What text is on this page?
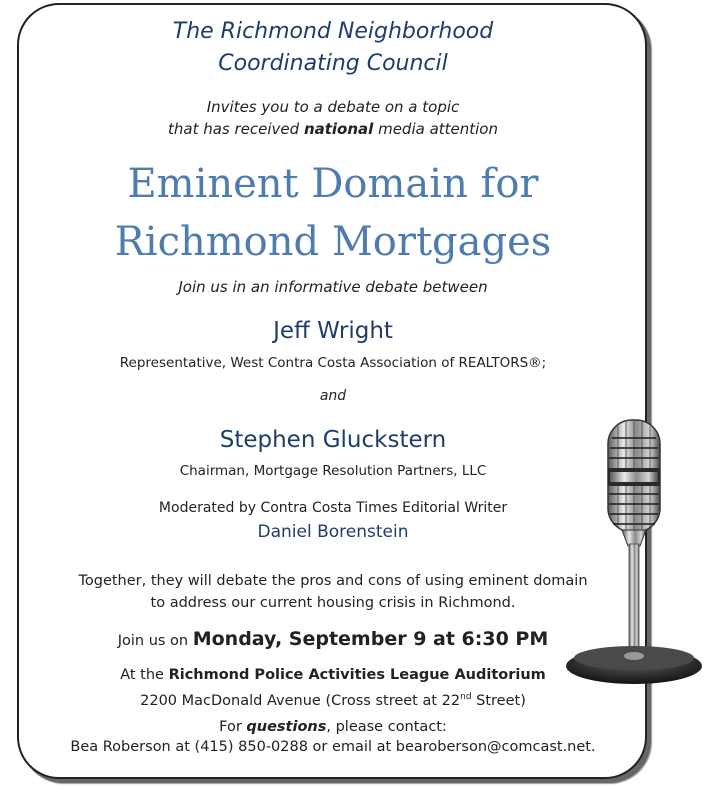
The Richmond Neighborhood
Coordinating Council
Invites you to a debate on a topic
that has received national media attention
Eminent Domain for
Richmond Mortgages
Join us in an informative debate between
Jeff Wright
Representative, West Contra Costa Association of REALTORS®;
and
Stephen Gluckstern
Chairman, Mortgage Resolution Partners, LLC
Moderated by Contra Costa Times Editorial Writer
Daniel Borenstein
Together, they will debate the pros and cons of using eminent domain
to address our current housing crisis in Richmond.
Join us on Monday, September 9 at 6:30 PM
At the Richmond Police Activities League Auditorium
2200 MacDonald Avenue (Cross street at 22nd Street)
For questions, please contact:
Bea Roberson at (415) 850-0288 or email at bearoberson@comcast.net.
